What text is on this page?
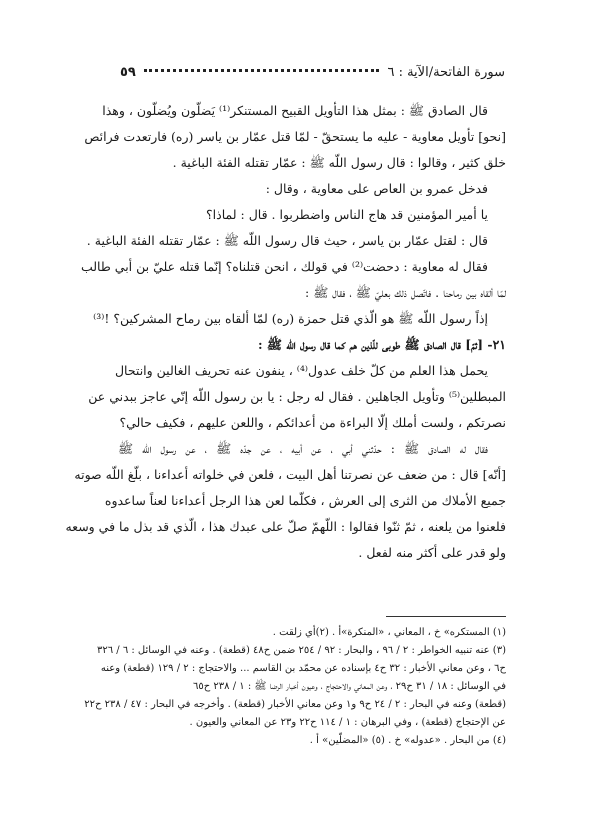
سورة الفاتحة/الآية : ٦
٥٩
قال الصادق ﷺ : بمثل هذا التأويل القبيح المستنكر⁽¹⁾ يَضلّون ويُضلّون ، وهذا
[نحو] تأويل معاوية - عليه ما يستحقّ - لمّا قتل عمّار بن ياسر (ره) فارتعدت فرائص
خلق كثير ، وقالوا : قال رسول اللّه ﷺ : عمّار تقتله الفئة الباغية .
فدخل عمرو بن العاص على معاوية ، وقال :
يا أمير المؤمنين قد هاج الناس واضطربوا . قال : لماذا؟
قال : لقتل عمّار بن ياسر ، حيث قال رسول اللّه ﷺ : عمّار تقتله الفئة الباغية .
فقال له معاوية : دحضت⁽²⁾ في قولك ، انحن قتلناه؟ إنّما قتله عليّ بن أبي طالب
لمّا ألقاه بين رماحنا . فاتّصل ذلك بعليّ ﷺ ، فقال ﷺ :
إذاً رسول اللّه ﷺ هو الّذي قتل حمزة (ره) لمّا ألقاه بين رماح المشركين؟ !⁽³⁾
٢١- [ثمّ] قال الصادق ﷺ طوبى للّذين هم كما قال رسول اللّه ﷺ :
يحمل هذا العلم من كلّ خلف عدول⁽⁴⁾ ، ينفون عنه تحريف الغالين وانتحال
المبطلين⁽⁵⁾ وتأويل الجاهلين . فقال له رجل : يا بن رسول اللّه إنّي عاجز ببدني عن
نصرتكم ، ولست أملك إلّا البراءة من أعدائكم ، واللعن عليهم ، فكيف حالي؟
فقال له الصادق ﷺ : حدّثني أبي ، عن أبيه ، عن جدّه ﷺ ، عن رسول اللّه ﷺ
[أنّه] قال : من ضعف عن نصرتنا أهل البيت ، فلعن في خلواته أعداءنا ، بلّغ اللّه صوته
جميع الأملاك من الثرى إلى العرش ، فكلّما لعن هذا الرجل أعداءنا لعناً ساعدوه
فلعنوا من يلعنه ، ثمّ ثنّوا فقالوا : اللّهمّ صلّ على عبدك هذا ، الّذي قد بذل ما في وسعه
ولو قدر على أكثر منه لفعل .
(١) المستكره» خ ، المعاني ، «المنكرة»أ . (٢)أي زلقت .
(٣) عنه تنبيه الخواطر : ٢ / ٩٦ ، والبحار : ٩٢ / ٢٥٤ ضمن ح٤٨ (قطعة) . وعنه في الوسائل : ٦ / ٣٢٦
ح٦ ، وعن معاني الأخبار : ٣٢ ح٤ بإسناده عن محمّد بن القاسم ... والاحتجاج : ٢ / ١٢٩ (قطعة) وعنه
في الوسائل : ١٨ / ٣١ ح٢٩ ، وعن المعاني والاحتجاج ، وعيون أخبار الرضا ﷺ : ١ / ٢٣٨ ح٦٥
(قطعة) وعنه في البحار : ٢ / ٢٤ ح٩ و١ وعن معاني الأخبار (قطعة) . وأخرجه في البحار : ٤٧ / ٢٣٨ ح٢٢
عن الإحتجاج (قطعة) ، وفي البرهان : ١ / ١١٤ ح٢٢ و٢٣ عن المعاني والعيون .
(٤) من البحار . «عدوله» خ . (٥) «المضلّين» أ .
